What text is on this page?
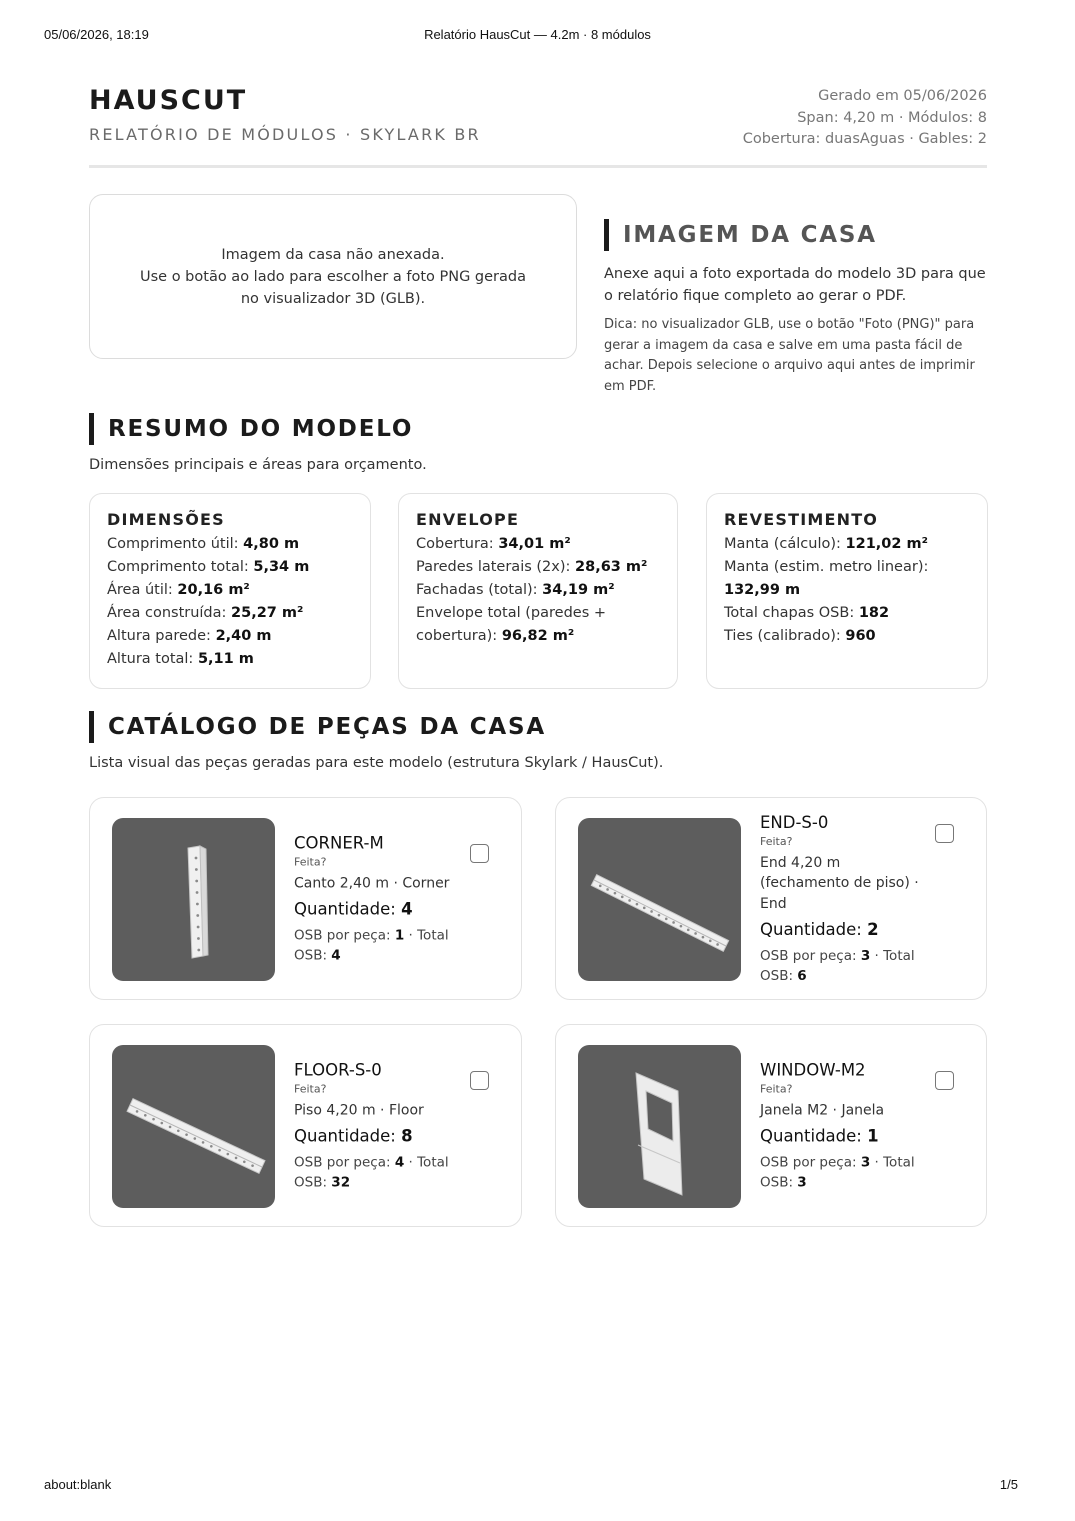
05/06/2026, 18:19	Relatório HausCut — 4.2m · 8 módulos
HAUSCUT
RELATÓRIO DE MÓDULOS · SKYLARK BR
Gerado em 05/06/2026
Span: 4,20 m · Módulos: 8
Cobertura: duasAguas · Gables: 2

Imagem da casa não anexada.
Use o botão ao lado para escolher a foto PNG gerada
no visualizador 3D (GLB).

IMAGEM DA CASA

Anexe aqui a foto exportada do modelo 3D para que o relatório fique completo ao gerar o PDF.

Dica: no visualizador GLB, use o botão "Foto (PNG)" para gerar a imagem da casa e salve em uma pasta fácil de achar. Depois selecione o arquivo aqui antes de imprimir em PDF.

RESUMO DO MODELO

Dimensões principais e áreas para orçamento.

DIMENSÕES
Comprimento útil: 4,80 m
Comprimento total: 5,34 m
Área útil: 20,16 m²
Área construída: 25,27 m²
Altura parede: 2,40 m
Altura total: 5,11 m
ENVELOPE
Cobertura: 34,01 m²
Paredes laterais (2x): 28,63 m²
Fachadas (total): 34,19 m²
Envelope total (paredes + cobertura): 96,82 m²
REVESTIMENTO
Manta (cálculo): 121,02 m²
Manta (estim. metro linear): 132,99 m
Total chapas OSB: 182
Ties (calibrado): 960
CATÁLOGO DE PEÇAS DA CASA

Lista visual das peças geradas para este modelo (estrutura Skylark / HausCut).

CORNER-M
Feita?
Canto 2,40 m · Corner
Quantidade: 4
OSB por peça: 1 · Total OSB: 4
END-S-0
Feita?
End 4,20 m (fechamento de piso) · End
Quantidade: 2
OSB por peça: 3 · Total OSB: 6
FLOOR-S-0
Feita?
Piso 4,20 m · Floor
Quantidade: 8
OSB por peça: 4 · Total OSB: 32
WINDOW-M2
Feita?
Janela M2 · Janela
Quantidade: 1
OSB por peça: 3 · Total OSB: 3
about:blank	1/5
